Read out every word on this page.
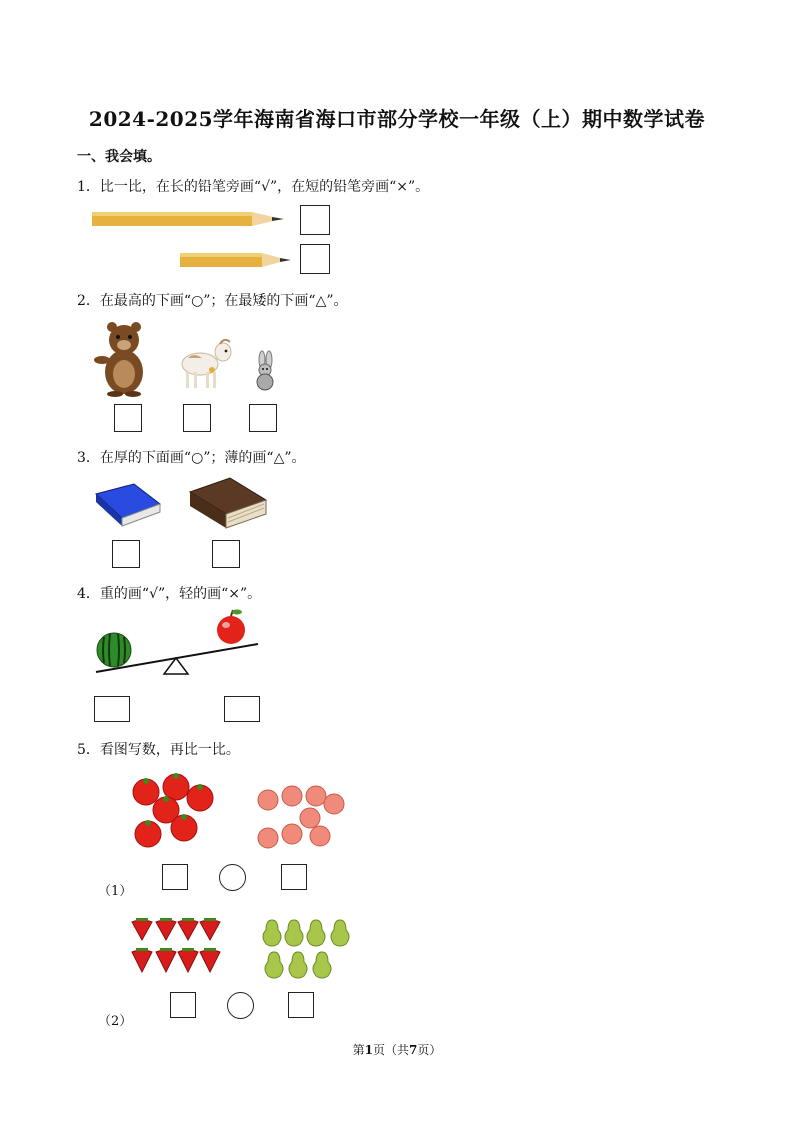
2024-2025学年海南省海口市部分学校一年级（上）期中数学试卷
一、我会填。
1．比一比，在长的铅笔旁画“√”，在短的铅笔旁画“×”。
2．在最高的下画“○”；在最矮的下画“△”。
3．在厚的下面画“○”；薄的画“△”。
4．重的画“√”，轻的画“×”。
5．看图写数，再比一比。
（1）
（2）
第1页（共7页）
